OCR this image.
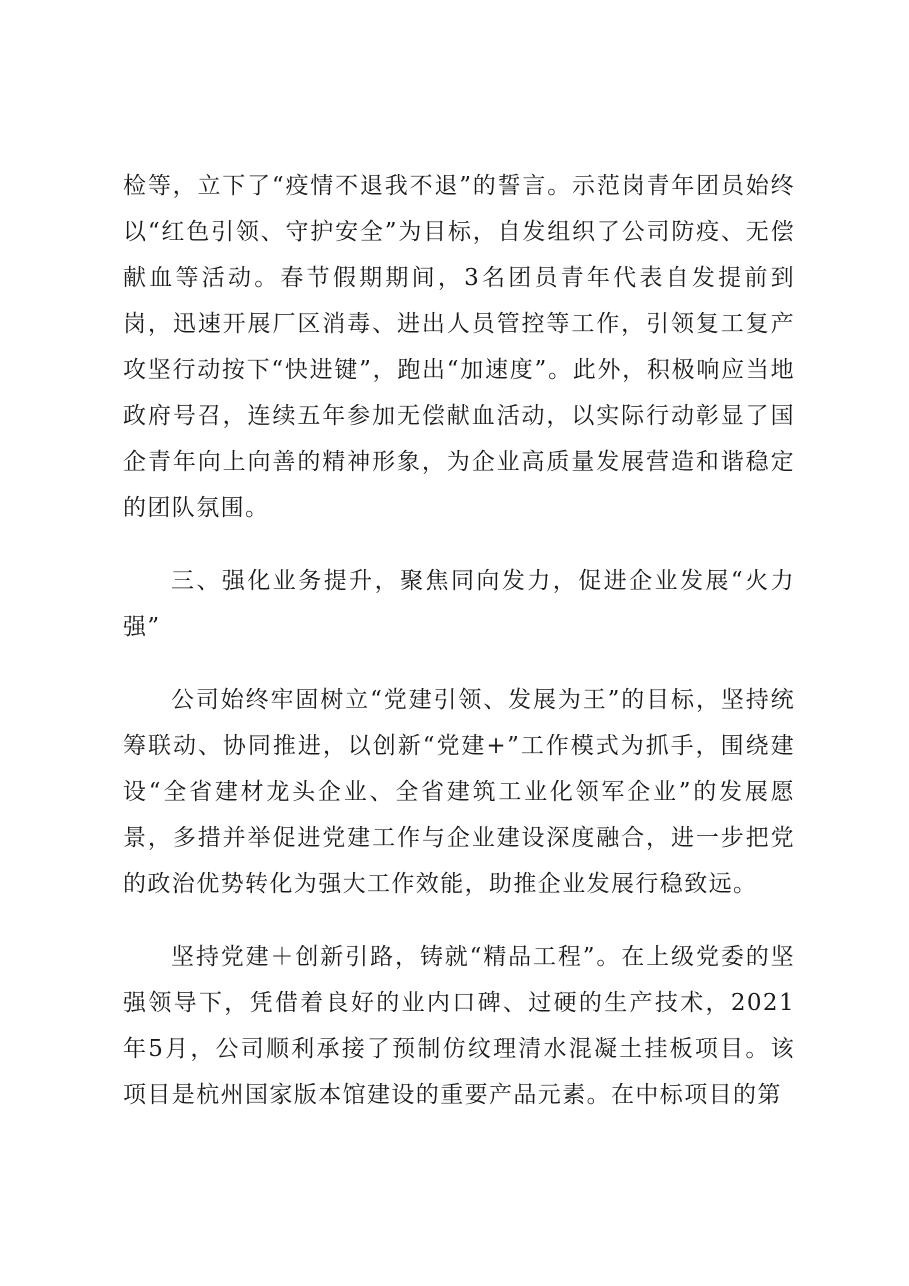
检等，立下了“疫情不退我不退”的誓言。示范岗青年团员始终以“红色引领、守护安全”为目标，自发组织了公司防疫、无偿献血等活动。春节假期期间，3名团员青年代表自发提前到岗，迅速开展厂区消毒、进出人员管控等工作，引领复工复产攻坚行动按下“快进键”，跑出“加速度”。此外，积极响应当地政府号召，连续五年参加无偿献血活动，以实际行动彰显了国企青年向上向善的精神形象，为企业高质量发展营造和谐稳定的团队氛围。

三、强化业务提升，聚焦同向发力，促进企业发展“火力强”

公司始终牢固树立“党建引领、发展为王”的目标，坚持统筹联动、协同推进，以创新“党建+”工作模式为抓手，围绕建设“全省建材龙头企业、全省建筑工业化领军企业”的发展愿景，多措并举促进党建工作与企业建设深度融合，进一步把党的政治优势转化为强大工作效能，助推企业发展行稳致远。

坚持党建＋创新引路，铸就“精品工程”。在上级党委的坚强领导下，凭借着良好的业内口碑、过硬的生产技术，2021年5月，公司顺利承接了预制仿纹理清水混凝土挂板项目。该项目是杭州国家版本馆建设的重要产品元素。在中标项目的第
